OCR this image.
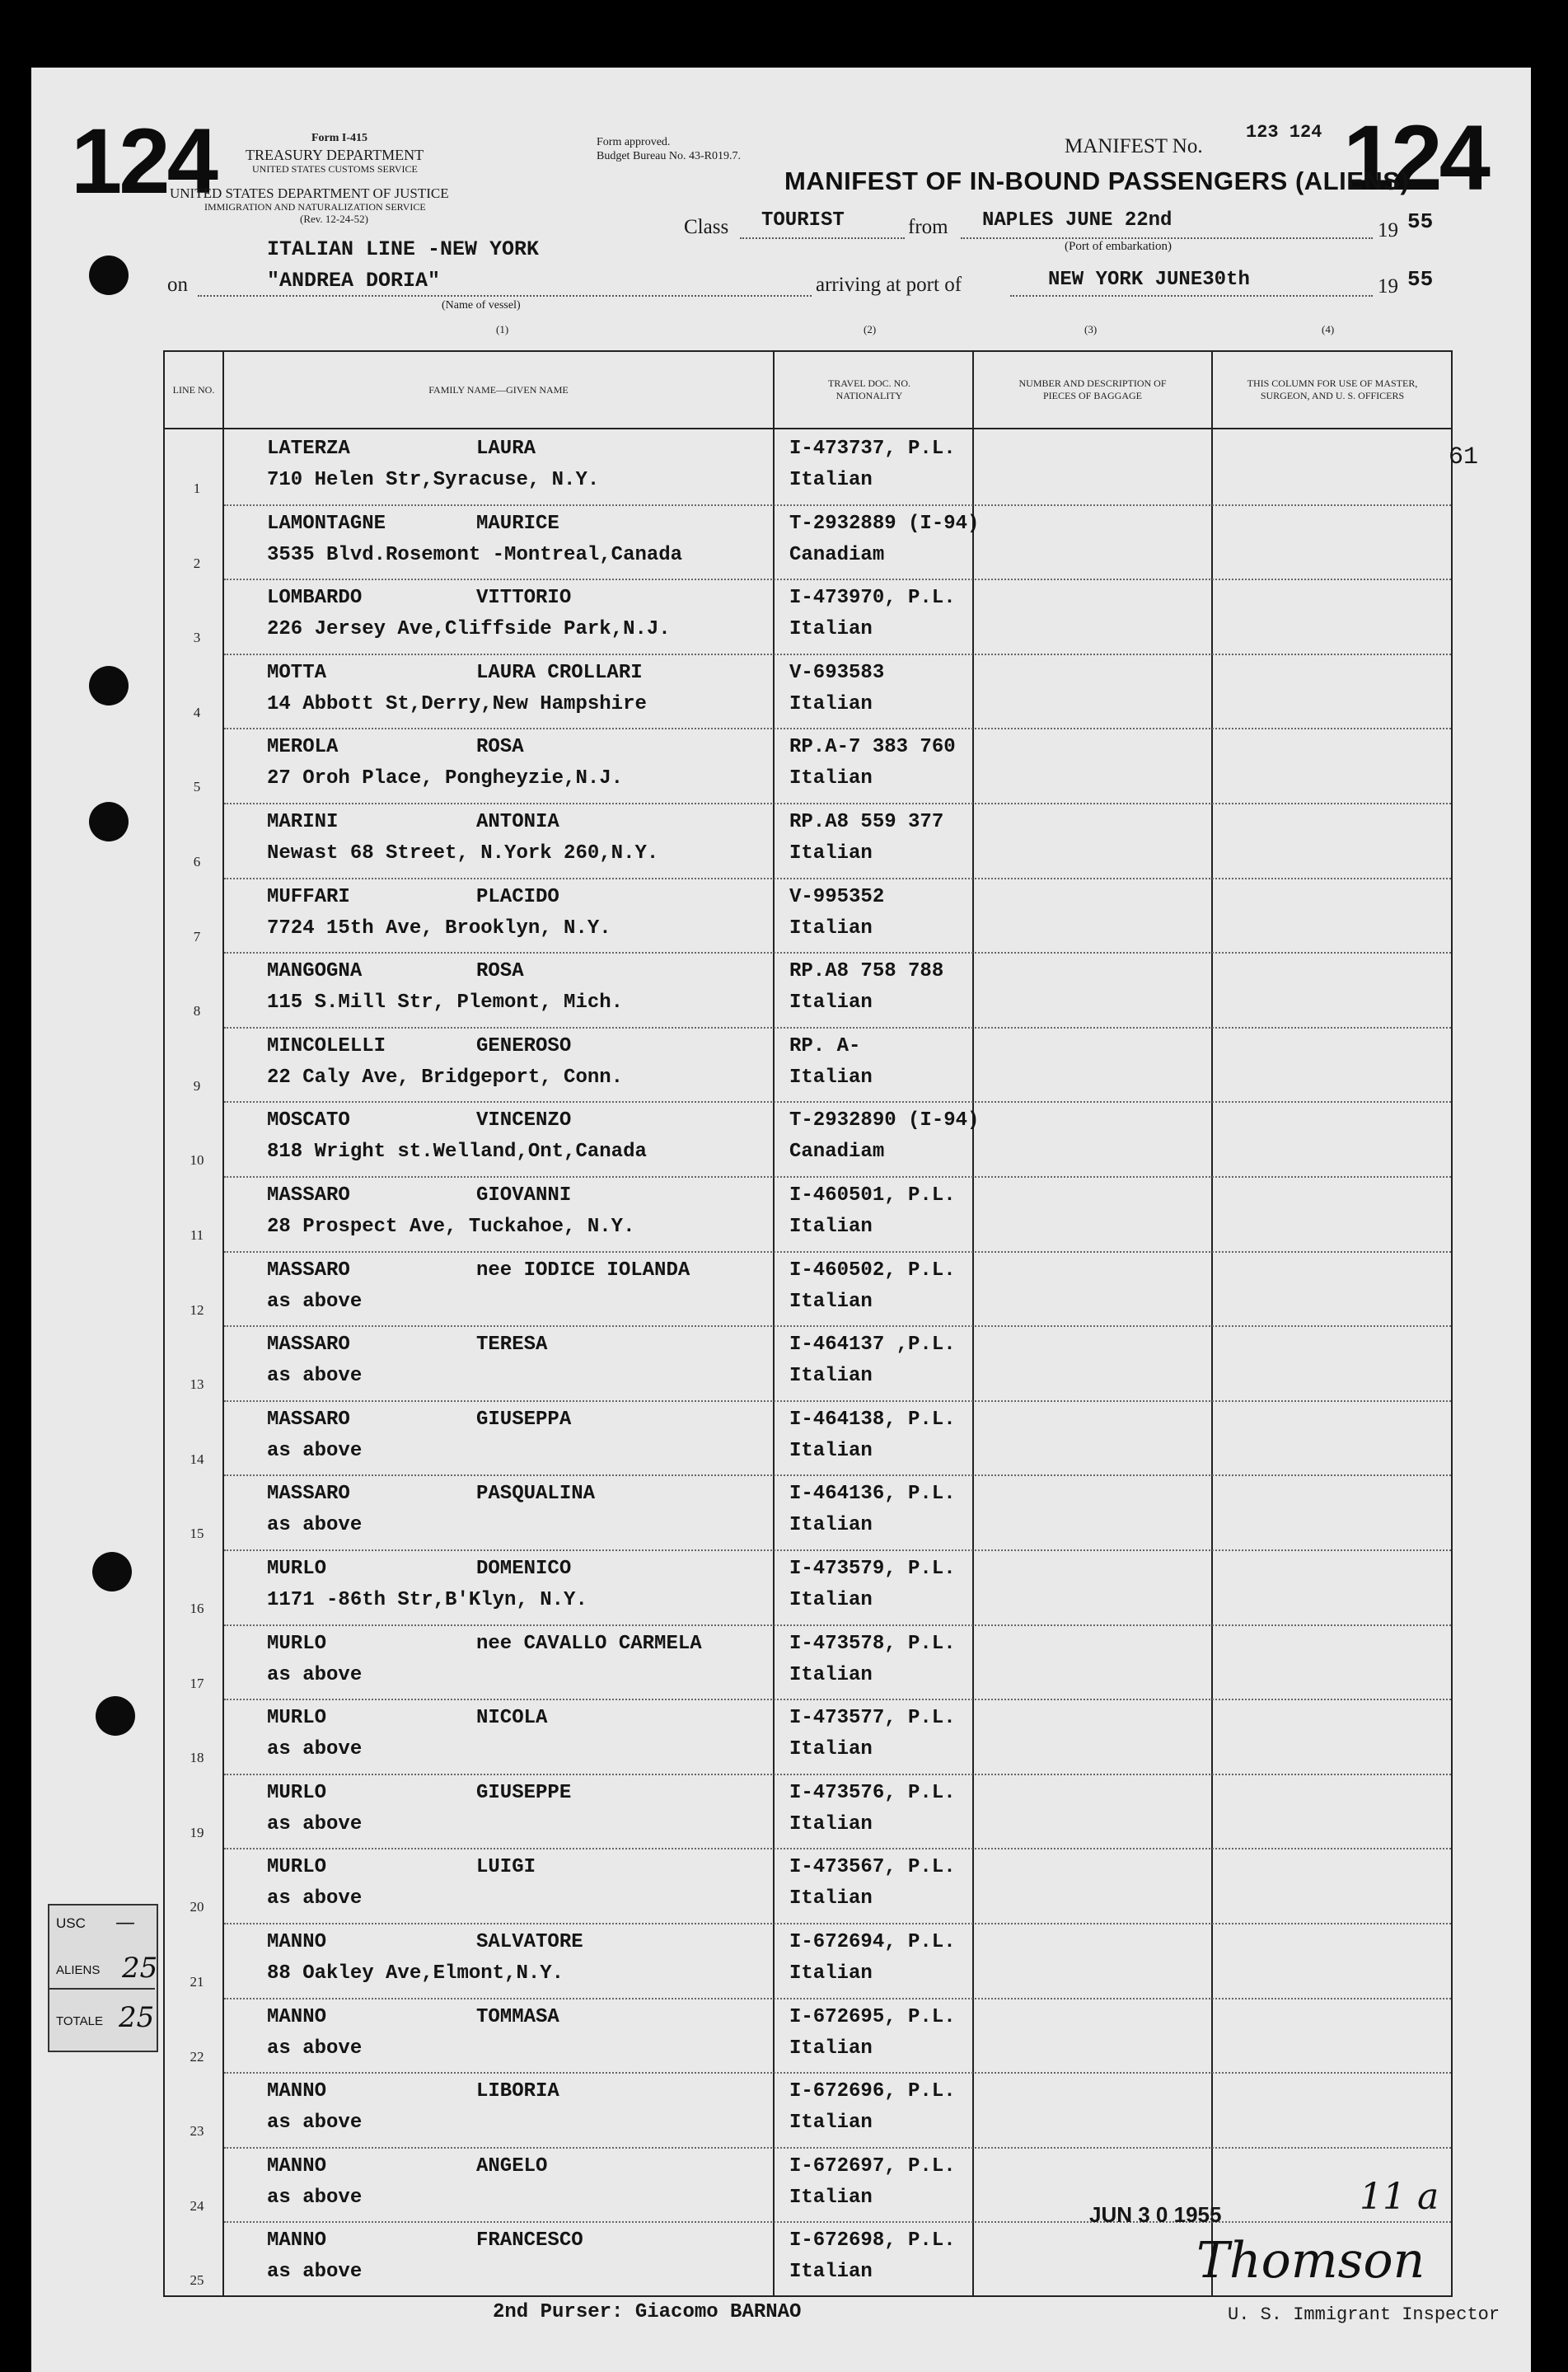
124	124
Form I-415
TREASURY DEPARTMENT
UNITED STATES CUSTOMS SERVICE
UNITED STATES DEPARTMENT OF JUSTICE
IMMIGRATION AND NATURALIZATION SERVICE
(Rev. 12-24-52)
Form approved.
Budget Bureau No. 43-R019.7.	MANIFEST No.
123 124
MANIFEST OF IN-BOUND PASSENGERS (ALIENS)
ITALIAN LINE -NEW YORK
Class TOURIST	from NAPLES JUNE 22nd
(Port of embarkation)
19 55
on	"ANDREA DORIA"
(Name of vessel)
arriving at port of	NEW YORK JUNE30th	19 55
(1)	(2)	(3)	(4)
LINE NO.	FAMILY NAME—GIVEN NAME
TRAVEL DOC. NO. NATIONALITY
NUMBER AND DESCRIPTION OF PIECES OF BAGGAGE
THIS COLUMN FOR USE OF MASTER, SURGEON, AND U. S. OFFICERS
1
LATERZA	LAURA
710 Helen Str,Syracuse, N.Y.
I-473737, P.L.
Italian
2
LAMONTAGNE	MAURICE
3535 Blvd.Rosemont -Montreal,Canada
T-2932889 (I-94)
Canadiam
3
LOMBARDO	VITTORIO
226 Jersey Ave,Cliffside Park,N.J.
I-473970, P.L.
Italian
4
MOTTA	LAURA CROLLARI
14 Abbott St,Derry,New Hampshire
V-693583
Italian
5
MEROLA	ROSA
27 Oroh Place, Pongheyzie,N.J.
RP.A-7 383 760
Italian
6
MARINI	ANTONIA
Newast 68 Street, N.York 260,N.Y.
RP.A8 559 377
Italian
7
MUFFARI	PLACIDO
7724 15th Ave, Brooklyn, N.Y.
V-995352
Italian
8
MANGOGNA	ROSA
115 S.Mill Str, Plemont, Mich.
RP.A8 758 788
Italian
9
MINCOLELLI	GENEROSO
22 Caly Ave, Bridgeport, Conn.
RP. A-
Italian
10
MOSCATO	VINCENZO
818 Wright st.Welland,Ont,Canada
T-2932890 (I-94)
Canadiam
11
MASSARO	GIOVANNI
28 Prospect Ave, Tuckahoe, N.Y.
I-460501, P.L.
Italian
12
MASSARO	nee IODICE IOLANDA
as above
I-460502, P.L.
Italian
13
MASSARO	TERESA
as above
I-464137 ,P.L.
Italian
14
MASSARO	GIUSEPPA
as above
I-464138, P.L.
Italian
15
MASSARO	PASQUALINA
as above
I-464136, P.L.
Italian
16
MURLO	DOMENICO
1171 -86th Str,B'Klyn, N.Y.
I-473579, P.L.
Italian
17
MURLO	nee CAVALLO CARMELA
as above
I-473578, P.L.
Italian
18
MURLO	NICOLA
as above
I-473577, P.L.
Italian
19
MURLO	GIUSEPPE
as above
I-473576, P.L.
Italian
20
MURLO	LUIGI
as above
I-473567, P.L.
Italian
21
MANNO	SALVATORE
88 Oakley Ave,Elmont,N.Y.
I-672694, P.L.
Italian
22
MANNO	TOMMASA
as above
I-672695, P.L.
Italian
23
MANNO	LIBORIA
as above
I-672696, P.L.
Italian
24
MANNO	ANGELO
as above
I-672697, P.L.
Italian
25
MANNO	FRANCESCO
as above
I-672698, P.L.
Italian
61
USC —
ALIENS 25
TOTALE 25
2nd Purser: Giacomo BARNAO
JUN 3 0 1955	11 a
Thomson
U. S. Immigrant Inspector
